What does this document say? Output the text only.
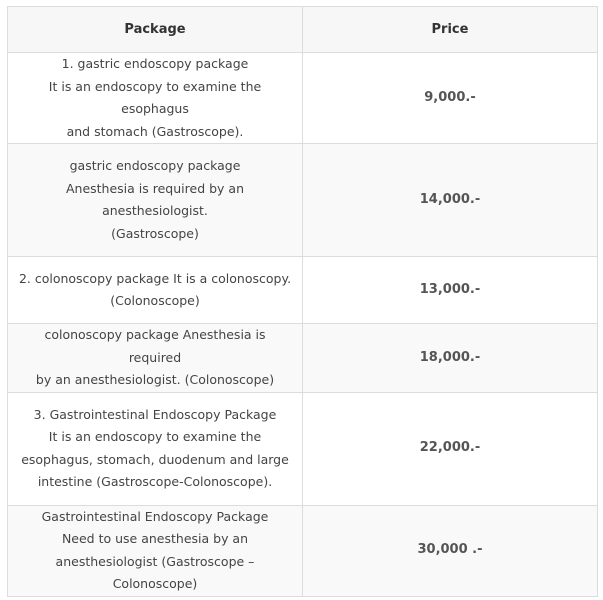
Package	Price

1. gastric endoscopy package
It is an endoscopy to examine the esophagus
and stomach (Gastroscope).	9,000.-

gastric endoscopy package
Anesthesia is required by an
anesthesiologist.
(Gastroscope)	14,000.-

2. colonoscopy package It is a colonoscopy.
(Colonoscope)	13,000.-

colonoscopy package Anesthesia is required
by an anesthesiologist. (Colonoscope)	18,000.-

3. Gastrointestinal Endoscopy Package
It is an endoscopy to examine the
esophagus, stomach, duodenum and large
intestine (Gastroscope-Colonoscope).	22,000.-

Gastrointestinal Endoscopy Package
Need to use anesthesia by an
anesthesiologist (Gastroscope – Colonoscope)	30,000 .-
